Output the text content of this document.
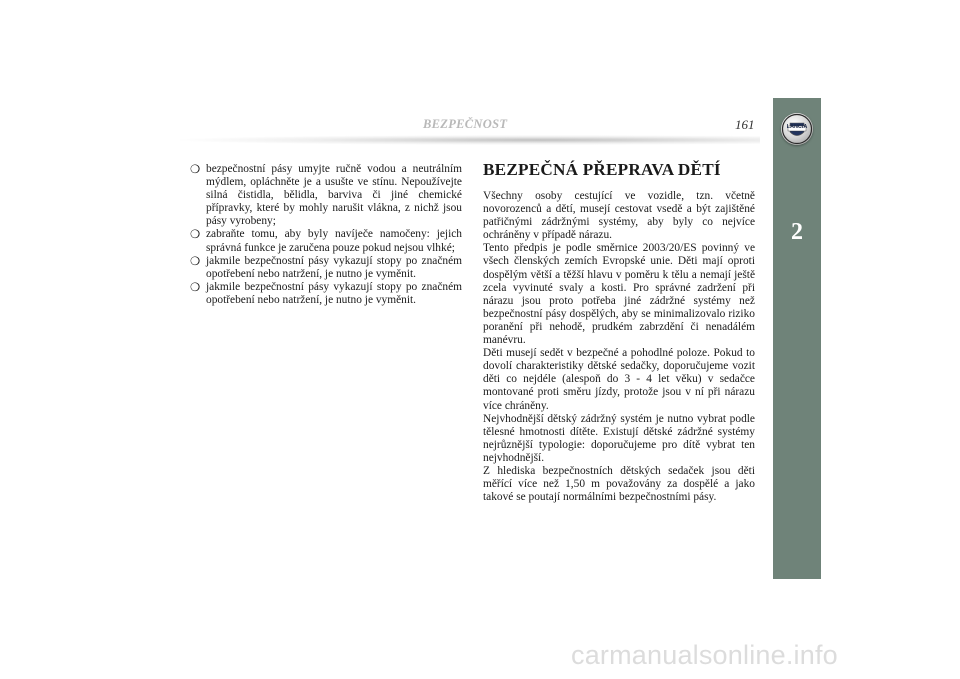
BEZPEČNOST	161	LANCIA
2
❍ bezpečnostní pásy umyjte ručně vodou a neutrálním mýdlem, opláchněte je a usušte ve stínu. Nepoužívejte silná čistidla, bělidla, barviva či jiné chemické přípravky, které by mohly narušit vlákna, z nichž jsou pásy vyrobeny;
❍ zabraňte tomu, aby byly navíječe namočeny: jejich správná funkce je zaručena pouze pokud nejsou vlhké;
❍ jakmile bezpečnostní pásy vykazují stopy po značném opotřebení nebo natržení, je nutno je vyměnit.
❍ jakmile bezpečnostní pásy vykazují stopy po značném opotřebení nebo natržení, je nutno je vyměnit.
BEZPEČNÁ PŘEPRAVA DĚTÍ

Všechny osoby cestující ve vozidle, tzn. včetně novorozenců a dětí, musejí cestovat vsedě a být zajištěné patřičnými zádržnými systémy, aby byly co nejvíce ochráněny v případě nárazu.

Tento předpis je podle směrnice 2003/20/ES povinný ve všech členských zemích Evropské unie. Děti mají oproti dospělým větší a těžší hlavu v poměru k tělu a nemají ještě zcela vyvinuté svaly a kosti. Pro správné zadržení při nárazu jsou proto potřeba jiné zádržné systémy než bezpečnostní pásy dospělých, aby se minimalizovalo riziko poranění při nehodě, prudkém zabrzdění či nenadálém manévru.

Děti musejí sedět v bezpečné a pohodlné poloze. Pokud to dovolí charakteristiky dětské sedačky, doporučujeme vozit děti co nejdéle (alespoň do 3 - 4 let věku) v sedačce montované proti směru jízdy, protože jsou v ní při nárazu více chráněny.

Nejvhodnější dětský zádržný systém je nutno vybrat podle tělesné hmotnosti dítěte. Existují dětské zádržné systémy nejrůznější typologie: doporučujeme pro dítě vybrat ten nejvhodnější.

Z hlediska bezpečnostních dětských sedaček jsou děti měřící více než 1,50 m považovány za dospělé a jako takové se poutají normálními bezpečnostními pásy.

carmanualsonline.info
